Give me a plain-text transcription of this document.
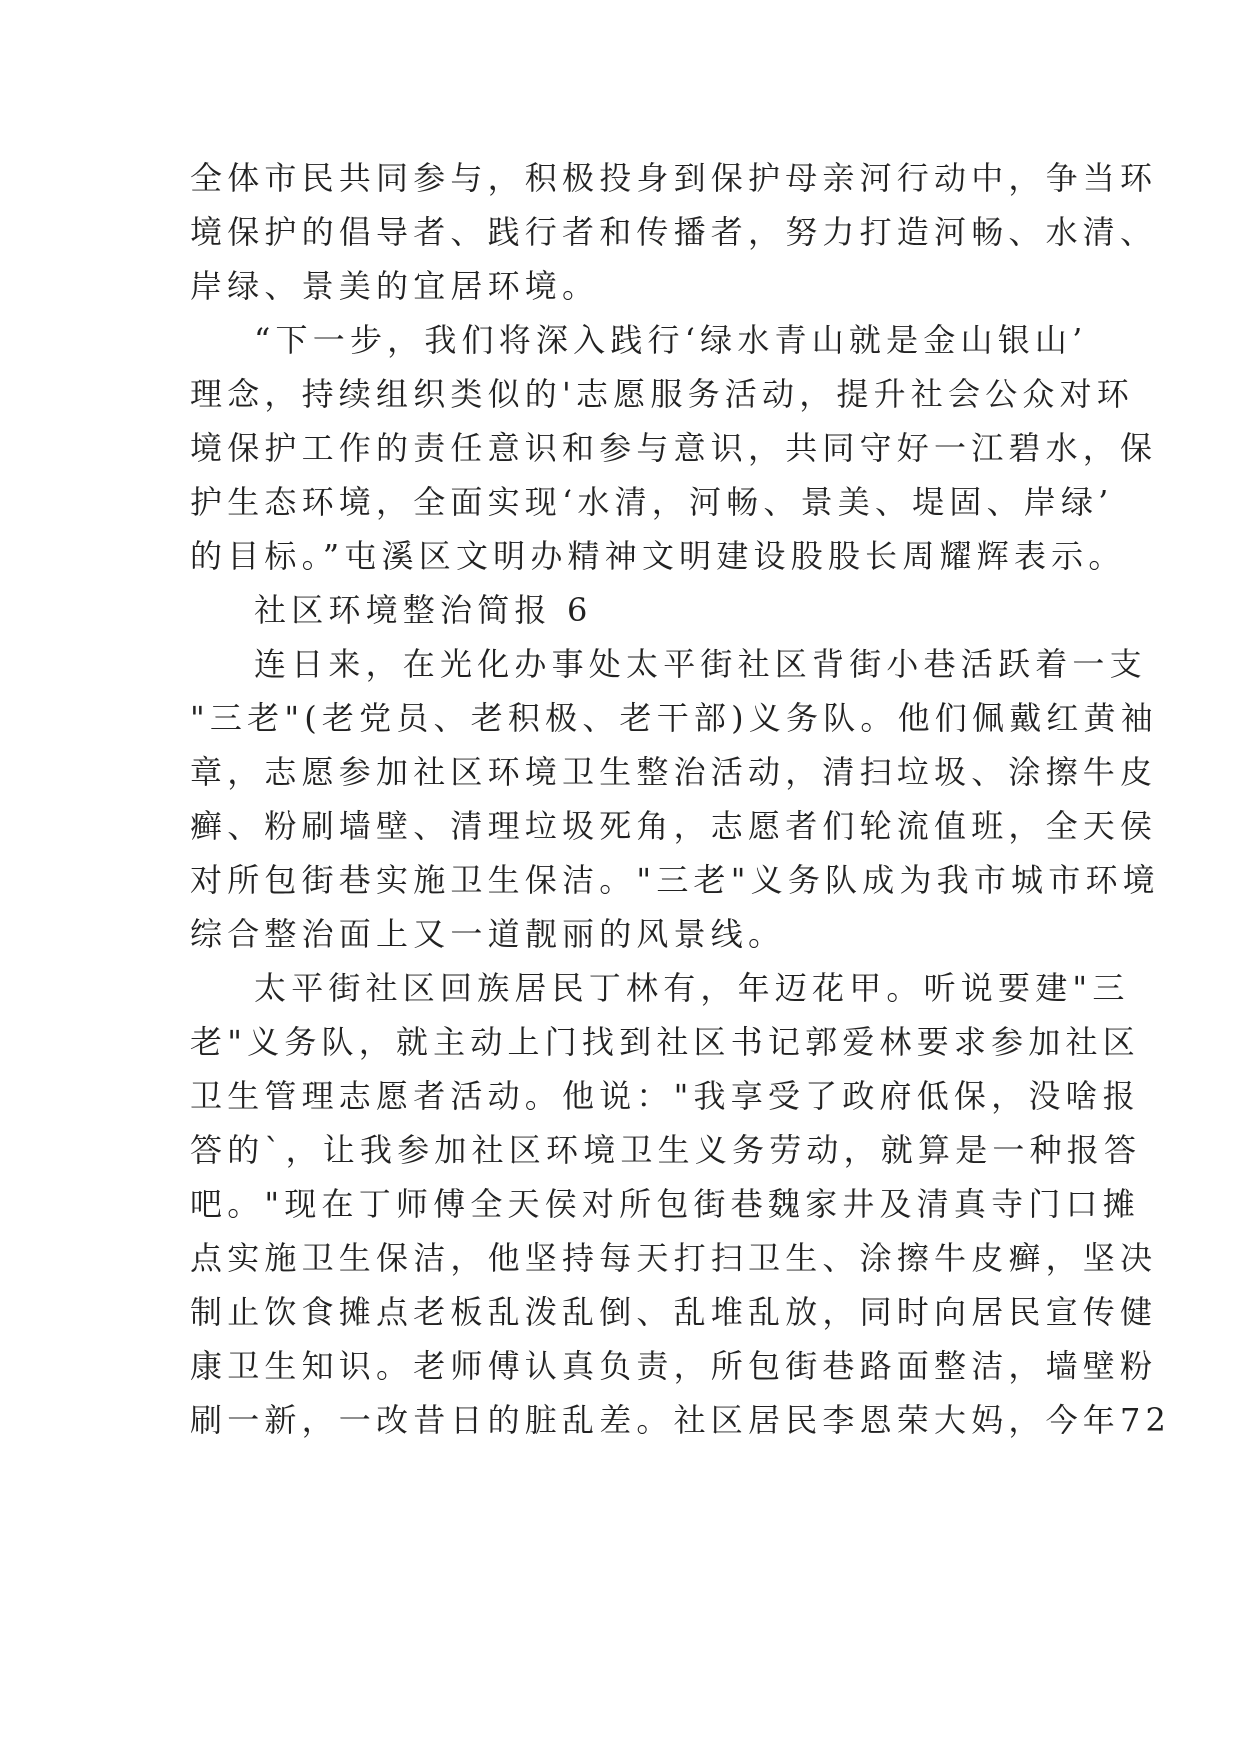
全体市民共同参与，积极投身到保护母亲河行动中，争当环
境保护的倡导者、践行者和传播者，努力打造河畅、水清、
岸绿、景美的宜居环境。
“下一步，我们将深入践行‘绿水青山就是金山银山’
理念，持续组织类似的'志愿服务活动，提升社会公众对环
境保护工作的责任意识和参与意识，共同守好一江碧水，保
护生态环境，全面实现‘水清，河畅、景美、堤固、岸绿’
的目标。”屯溪区文明办精神文明建设股股长周耀辉表示。
社区环境整治简报 6
连日来，在光化办事处太平街社区背街小巷活跃着一支
"三老"(老党员、老积极、老干部)义务队。他们佩戴红黄袖
章，志愿参加社区环境卫生整治活动，清扫垃圾、涂擦牛皮
癣、粉刷墙壁、清理垃圾死角，志愿者们轮流值班，全天侯
对所包街巷实施卫生保洁。"三老"义务队成为我市城市环境
综合整治面上又一道靓丽的风景线。
太平街社区回族居民丁林有，年迈花甲。听说要建"三
老"义务队，就主动上门找到社区书记郭爱林要求参加社区
卫生管理志愿者活动。他说："我享受了政府低保，没啥报
答的`，让我参加社区环境卫生义务劳动，就算是一种报答
吧。"现在丁师傅全天侯对所包街巷魏家井及清真寺门口摊
点实施卫生保洁，他坚持每天打扫卫生、涂擦牛皮癣，坚决
制止饮食摊点老板乱泼乱倒、乱堆乱放，同时向居民宣传健
康卫生知识。老师傅认真负责，所包街巷路面整洁，墙壁粉
刷一新，一改昔日的脏乱差。社区居民李恩荣大妈，今年72
